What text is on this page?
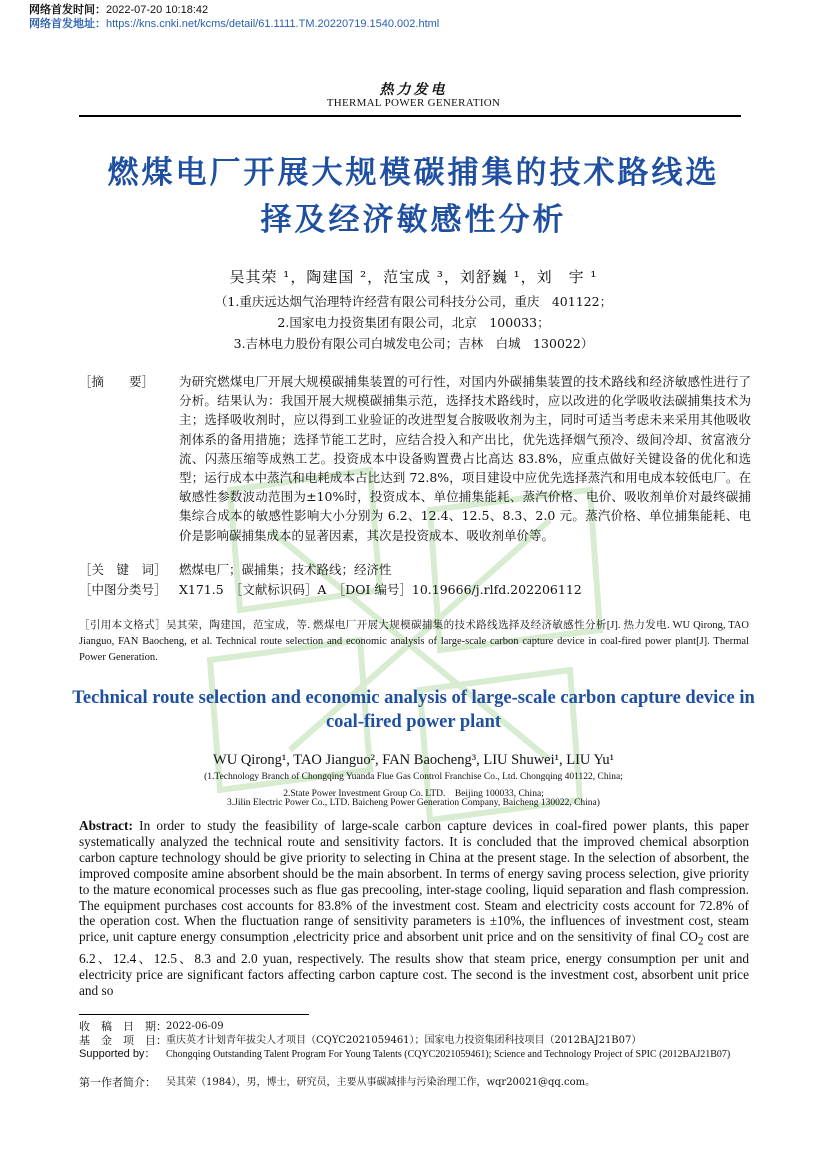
网络首发时间：2022-07-20 10:18:42
网络首发地址：https://kns.cnki.net/kcms/detail/61.1111.TM.20220719.1540.002.html
热力发电
THERMAL POWER GENERATION
燃煤电厂开展大规模碳捕集的技术路线选
择及经济敏感性分析
吴其荣 ¹，陶建国 ²，范宝成 ³，刘舒巍 ¹，刘　宇 ¹
（1.重庆远达烟气治理特许经营有限公司科技分公司，重庆　401122；
2.国家电力投资集团有限公司，北京　100033；
3.吉林电力股份有限公司白城发电公司；吉林　白城　130022）
［摘　　要］ 为研究燃煤电厂开展大规模碳捕集装置的可行性，对国内外碳捕集装置的技术路线和经济敏感性进行了分析。结果认为：我国开展大规模碳捕集示范，选择技术路线时，应以改进的化学吸收法碳捕集技术为主；选择吸收剂时，应以得到工业验证的改进型复合胺吸收剂为主，同时可适当考虑未来采用其他吸收剂体系的备用措施；选择节能工艺时，应结合投入和产出比，优先选择烟气预冷、级间冷却、贫富液分流、闪蒸压缩等成熟工艺。投资成本中设备购置费占比高达 83.8%，应重点做好关键设备的优化和选型；运行成本中蒸汽和电耗成本占比达到 72.8%，项目建设中应优先选择蒸汽和用电成本较低电厂。在敏感性参数波动范围为±10%时，投资成本、单位捕集能耗、蒸汽价格、电价、吸收剂单价对最终碳捕集综合成本的敏感性影响大小分别为 6.2、12.4、12.5、8.3、2.0 元。蒸汽价格、单位捕集能耗、电价是影响碳捕集成本的显著因素，其次是投资成本、吸收剂单价等。
［关　键　词］ 燃煤电厂；碳捕集；技术路线；经济性
［中图分类号］ X171.5　［文献标识码］A　［DOI 编号］10.19666/j.rlfd.202206112
［引用本文格式］吴其荣，陶建国，范宝成，等. 燃煤电厂开展大规模碳捕集的技术路线选择及经济敏感性分析[J]. 热力发电. WU Qirong, TAO Jianguo, FAN Baocheng, et al. Technical route selection and economic analysis of large-scale carbon capture device in coal-fired power plant[J]. Thermal Power Generation.
Technical route selection and economic analysis of large-scale carbon capture device in coal-fired power plant
WU Qirong¹, TAO Jianguo², FAN Baocheng³, LIU Shuwei¹, LIU Yu¹
(1.Technology Branch of Chongqing Yuanda Flue Gas Control Franchise Co., Ltd. Chongqing 401122, China;
2.State Power Investment Group Co. LTD.　Beijing 100033, China;
3.Jilin Electric Power Co., LTD. Baicheng Power Generation Company, Baicheng 130022, China)
Abstract: In order to study the feasibility of large-scale carbon capture devices in coal-fired power plants, this paper systematically analyzed the technical route and sensitivity factors. It is concluded that the improved chemical absorption carbon capture technology should be give priority to selecting in China at the present stage. In the selection of absorbent, the improved composite amine absorbent should be the main absorbent. In terms of energy saving process selection, give priority to the mature economical processes such as flue gas precooling, inter-stage cooling, liquid separation and flash compression. The equipment purchases cost accounts for 83.8% of the investment cost. Steam and electricity costs account for 72.8% of the operation cost. When the fluctuation range of sensitivity parameters is ±10%, the influences of investment cost, steam price, unit capture energy consumption ,electricity price and absorbent unit price and on the sensitivity of final $CO_2$ cost are 6.2、12.4、12.5、8.3 and 2.0 yuan, respectively. The results show that steam price, energy consumption per unit and electricity price are significant factors affecting carbon capture cost. The second is the investment cost, absorbent unit price and so
收　稿　日　期： 2022-06-09
基　金　项　目： 重庆英才计划青年拔尖人才项目（CQYC2021059461）；国家电力投资集团科技项目（2012BAJ21B07）
Supported by： Chongqing Outstanding Talent Program For Young Talents (CQYC2021059461); Science and Technology Project of SPIC (2012BAJ21B07)
第一作者简介： 吴其荣（1984），男，博士，研究员，主要从事碳减排与污染治理工作，wqr20021@qq.com。
